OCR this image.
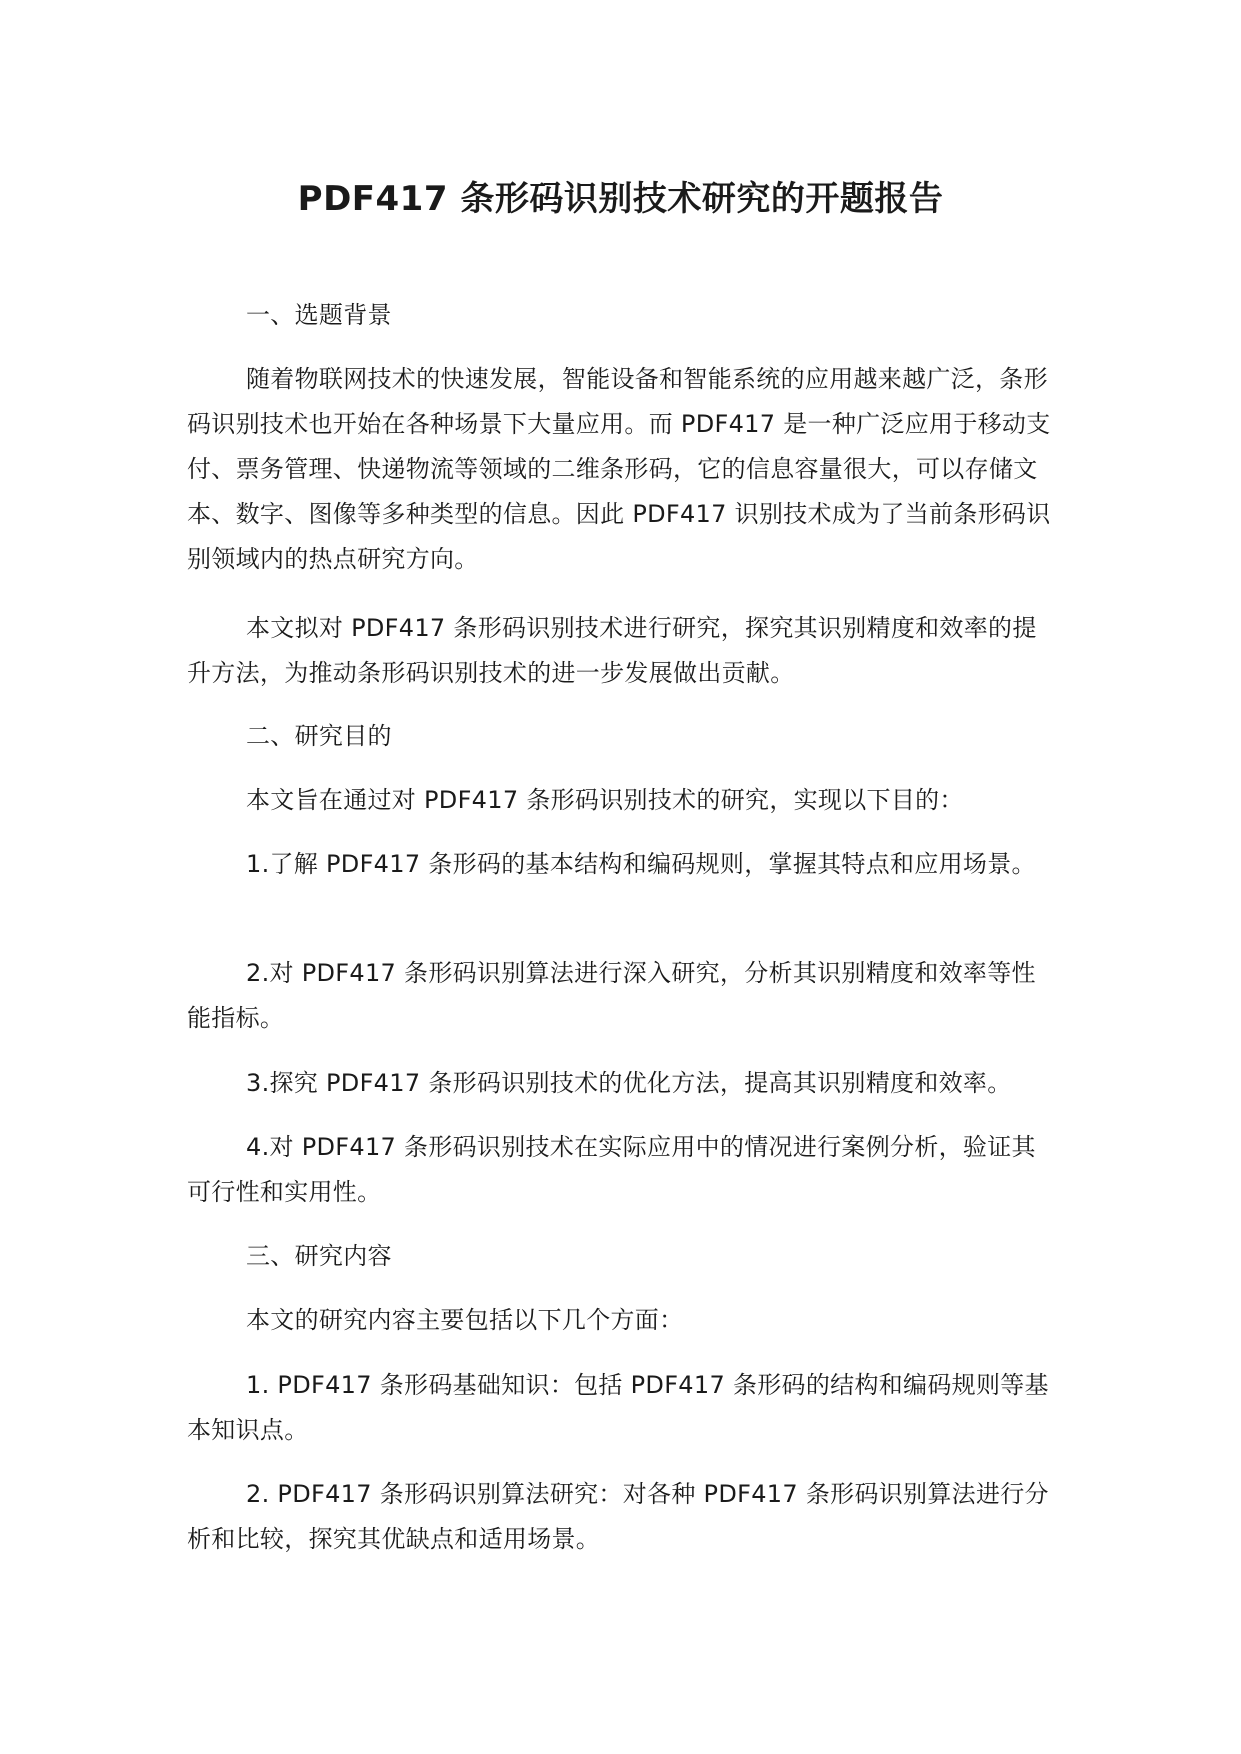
PDF417 条形码识别技术研究的开题报告

一、选题背景

随着物联网技术的快速发展，智能设备和智能系统的应用越来越广泛，条形码识别技术也开始在各种场景下大量应用。而 PDF417 是一种广泛应用于移动支付、票务管理、快递物流等领域的二维条形码，它的信息容量很大，可以存储文本、数字、图像等多种类型的信息。因此 PDF417 识别技术成为了当前条形码识别领域内的热点研究方向。

本文拟对 PDF417 条形码识别技术进行研究，探究其识别精度和效率的提升方法，为推动条形码识别技术的进一步发展做出贡献。

二、研究目的

本文旨在通过对 PDF417 条形码识别技术的研究，实现以下目的：

1.了解 PDF417 条形码的基本结构和编码规则，掌握其特点和应用场景。

2.对 PDF417 条形码识别算法进行深入研究，分析其识别精度和效率等性能指标。

3.探究 PDF417 条形码识别技术的优化方法，提高其识别精度和效率。

4.对 PDF417 条形码识别技术在实际应用中的情况进行案例分析，验证其可行性和实用性。

三、研究内容

本文的研究内容主要包括以下几个方面：

1. PDF417 条形码基础知识：包括 PDF417 条形码的结构和编码规则等基本知识点。

2. PDF417 条形码识别算法研究：对各种 PDF417 条形码识别算法进行分析和比较，探究其优缺点和适用场景。
